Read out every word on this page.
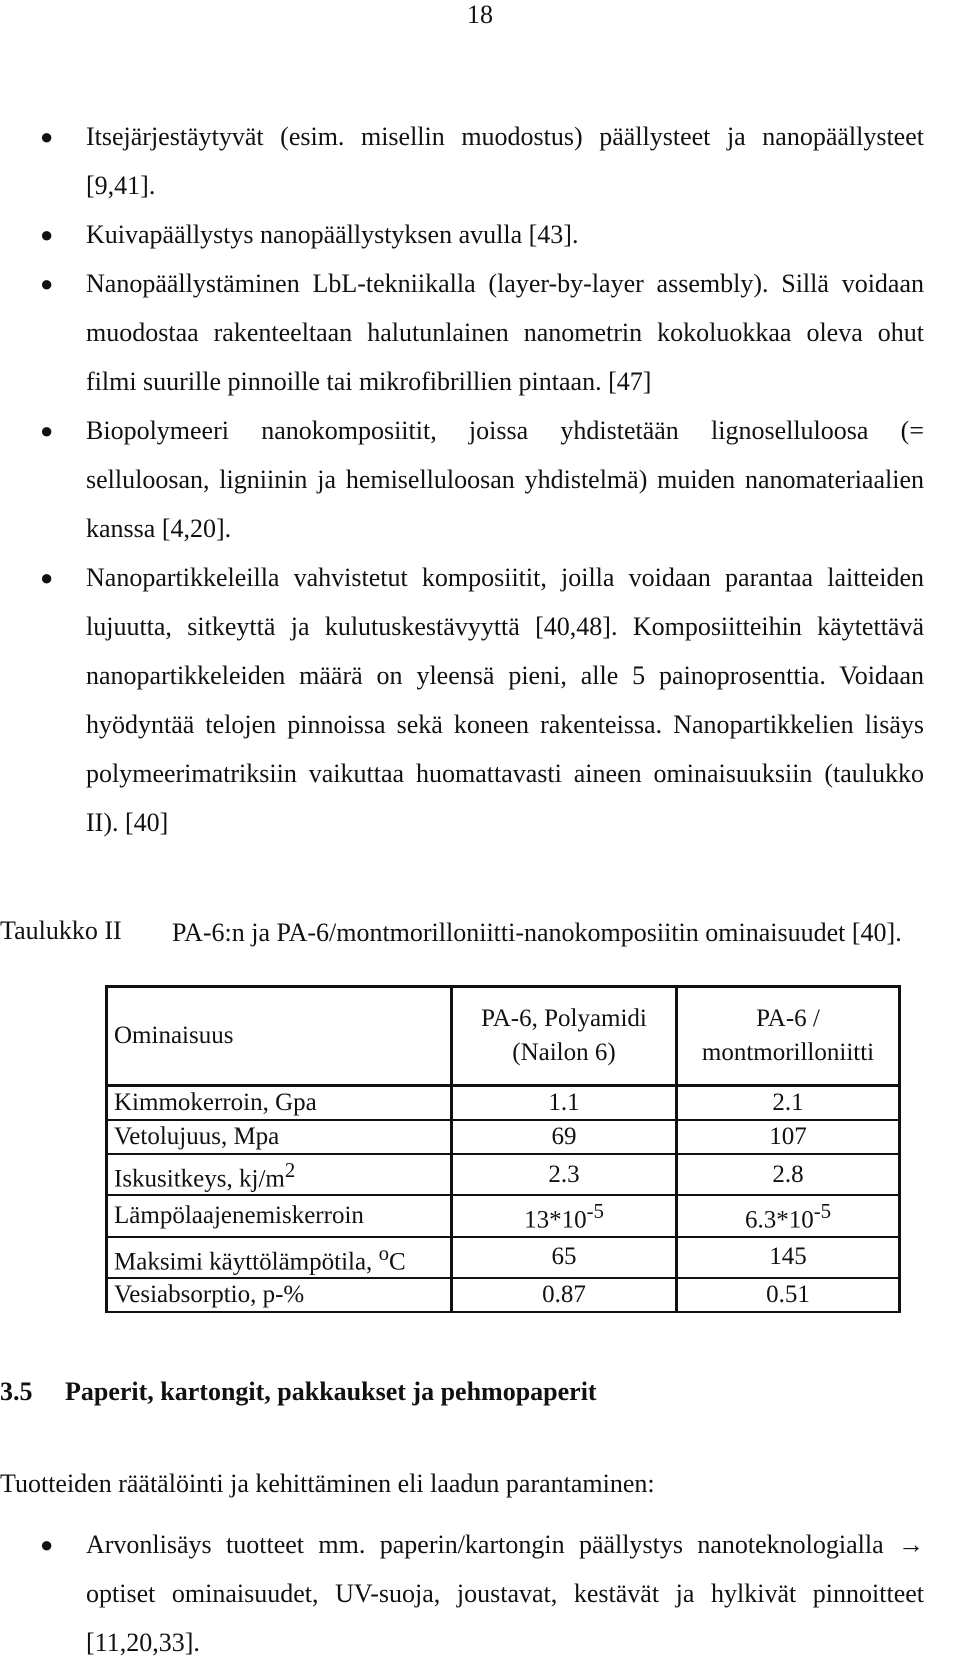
18
● Itsejärjestäytyvät (esim. misellin muodostus) päällysteet ja nanopäällysteet [9,41].
● Kuivapäällystys nanopäällystyksen avulla [43].
● Nanopäällystäminen LbL-tekniikalla (layer-by-layer assembly). Sillä voidaan muodostaa rakenteeltaan halutunlainen nanometrin kokoluokkaa oleva ohut filmi suurille pinnoille tai mikrofibrillien pintaan. [47]
● Biopolymeeri nanokomposiitit, joissa yhdistetään lignoselluloosa (= selluloosan, ligniinin ja hemiselluloosan yhdistelmä) muiden nanomateriaalien kanssa [4,20].
● Nanopartikkeleilla vahvistetut komposiitit, joilla voidaan parantaa laitteiden lujuutta, sitkeyttä ja kulutuskestävyyttä [40,48]. Komposiitteihin käytettävä nanopartikkeleiden määrä on yleensä pieni, alle 5 painoprosenttia. Voidaan hyödyntää telojen pinnoissa sekä koneen rakenteissa. Nanopartikkelien lisäys polymeerimatriksiin vaikuttaa huomattavasti aineen ominaisuuksiin (taulukko II). [40]
Taulukko II PA-6:n ja PA-6/montmorilloniitti-nanokomposiitin ominaisuudet [40].
Ominaisuus	PA-6, Polyamidi (Nailon 6)	PA-6 / montmorilloniitti
Kimmokerroin, Gpa	1.1	2.1
Vetolujuus, Mpa	69	107
Iskusitkeys, $kj/m^2$	2.3	2.8
Lämpölaajenemiskerroin	$13*10^{-5}$	$6.3*10^{-5}$
Maksimi käyttölämpötila, $^o$C	65	145
Vesiabsorptio, p-%	0.87	0.51
3.5 Paperit, kartongit, pakkaukset ja pehmopaperit
Tuotteiden räätälöinti ja kehittäminen eli laadun parantaminen:
● Arvonlisäys tuotteet mm. paperin/kartongin päällystys nanoteknologialla → optiset ominaisuudet, UV-suoja, joustavat, kestävät ja hylkivät pinnoitteet [11,20,33].
